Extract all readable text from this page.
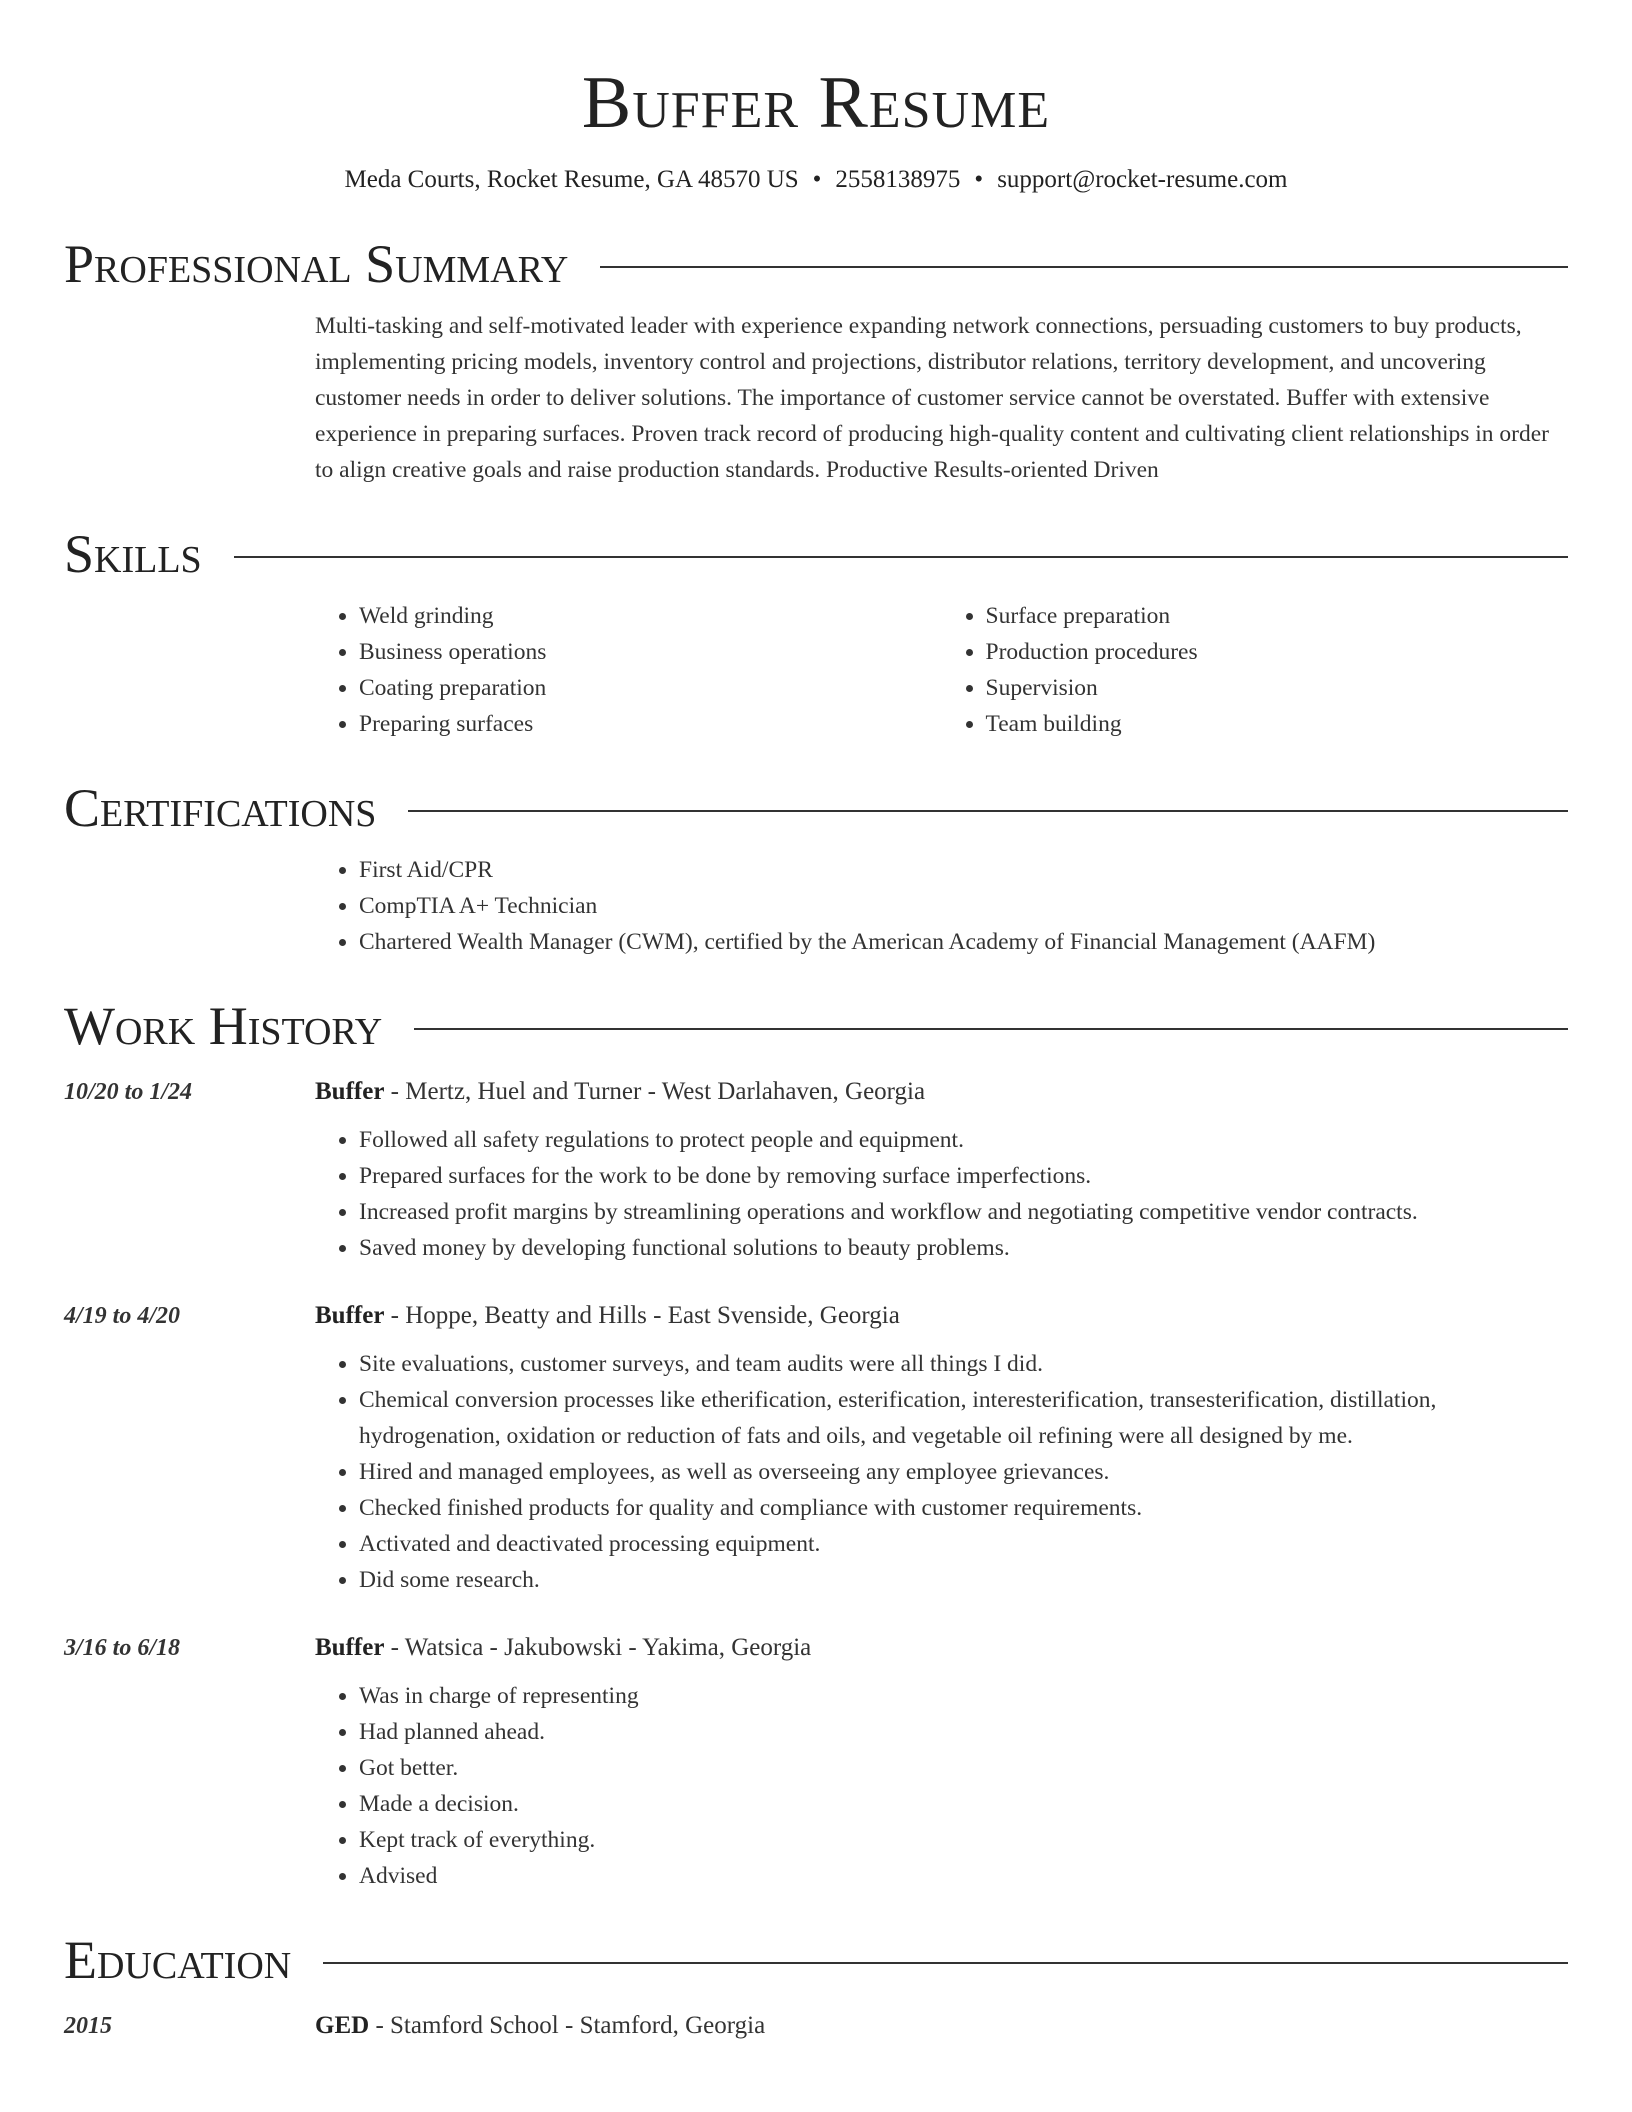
Buffer Resume
Meda Courts, Rocket Resume, GA 48570 US • 2558138975 • support@rocket-resume.com
Professional Summary
Multi-tasking and self-motivated leader with experience expanding network connections, persuading customers to buy products, implementing pricing models, inventory control and projections, distributor relations, territory development, and uncovering customer needs in order to deliver solutions. The importance of customer service cannot be overstated. Buffer with extensive experience in preparing surfaces. Proven track record of producing high-quality content and cultivating client relationships in order to align creative goals and raise production standards. Productive Results-oriented Driven
Skills
• Weld grinding
• Business operations
• Coating preparation
• Preparing surfaces
• Surface preparation
• Production procedures
• Supervision
• Team building
Certifications
• First Aid/CPR
• CompTIA A+ Technician
• Chartered Wealth Manager (CWM), certified by the American Academy of Financial Management (AAFM)
Work History
10/20 to 1/24	Buffer - Mertz, Huel and Turner - West Darlahaven, Georgia
• Followed all safety regulations to protect people and equipment.
• Prepared surfaces for the work to be done by removing surface imperfections.
• Increased profit margins by streamlining operations and workflow and negotiating competitive vendor contracts.
• Saved money by developing functional solutions to beauty problems.
4/19 to 4/20	Buffer - Hoppe, Beatty and Hills - East Svenside, Georgia
• Site evaluations, customer surveys, and team audits were all things I did.
• Chemical conversion processes like etherification, esterification, interesterification, transesterification, distillation, hydrogenation, oxidation or reduction of fats and oils, and vegetable oil refining were all designed by me.
• Hired and managed employees, as well as overseeing any employee grievances.
• Checked finished products for quality and compliance with customer requirements.
• Activated and deactivated processing equipment.
• Did some research.
3/16 to 6/18	Buffer - Watsica - Jakubowski - Yakima, Georgia
• Was in charge of representing
• Had planned ahead.
• Got better.
• Made a decision.
• Kept track of everything.
• Advised
Education
2015	GED - Stamford School - Stamford, Georgia
